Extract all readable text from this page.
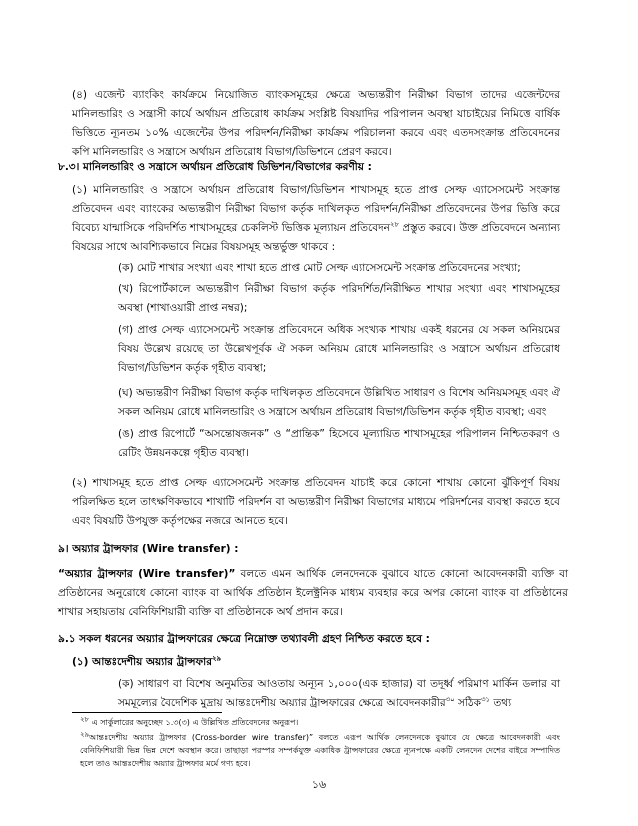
(৪) এজেন্ট ব্যাংকিং কার্যক্রমে নিয়োজিত ব্যাংকসমূহের ক্ষেত্রে অভ্যন্তরীণ নিরীক্ষা বিভাগ তাদের এজেন্টদের মানিলন্ডারিং ও সন্ত্রাসী কার্যে অর্থায়ন প্রতিরোধ কার্যক্রম সংশ্লিষ্ট বিষয়াদির পরিপালন অবস্থা যাচাইয়ের নিমিত্তে বার্ষিক ভিত্তিতে ন্যূনতম ১০% এজেন্টের উপর পরিদর্শন/নিরীক্ষা কার্যক্রম পরিচালনা করবে এবং এতদসংক্রান্ত প্রতিবেদনের কপি মানিলন্ডারিং ও সন্ত্রাসে অর্থায়ন প্রতিরোধ বিভাগ/ডিভিশনে প্রেরণ করবে।

৮.৩। মানিলন্ডারিং ও সন্ত্রাসে অর্থায়ন প্রতিরোধ ডিভিশন/বিভাগের করণীয় :

(১) মানিলন্ডারিং ও সন্ত্রাসে অর্থায়ন প্রতিরোধ বিভাগ/ডিভিশন শাখাসমূহ হতে প্রাপ্ত সেল্ফ এ্যাসেসমেন্ট সংক্রান্ত প্রতিবেদন এবং ব্যাংকের অভ্যন্তরীণ নিরীক্ষা বিভাগ কর্তৃক দাখিলকৃত পরিদর্শন/নিরীক্ষা প্রতিবেদনের উপর ভিত্তি করে বিবেচ্য যান্মাসিকে পরিদর্শিত শাখাসমূহের চেকলিস্ট ভিত্তিক মূল্যায়ন প্রতিবেদন$^{২৮}$ প্রস্তুত করবে। উক্ত প্রতিবেদনে অন্যান্য বিষয়ের সাথে আবশ্যিকভাবে নিম্নের বিষয়সমূহ অন্তর্ভুক্ত থাকবে :

(ক) মোট শাখার সংখ্যা এবং শাখা হতে প্রাপ্ত মোট সেল্ফ এ্যাসেসমেন্ট সংক্রান্ত প্রতিবেদনের সংখ্যা;

(খ) রিপোর্টকালে অভ্যন্তরীণ নিরীক্ষা বিভাগ কর্তৃক পরিদর্শিত/নিরীক্ষিত শাখার সংখ্যা এবং শাখাসমূহের অবস্থা (শাখাওয়ারী প্রাপ্ত নম্বর);

(গ) প্রাপ্ত সেল্ফ এ্যাসেসমেন্ট সংক্রান্ত প্রতিবেদনে অধিক সংখ্যক শাখায় একই ধরনের যে সকল অনিয়মের বিষয় উল্লেখ রয়েছে তা উল্লেখপূর্বক ঐ সকল অনিয়ম রোধে মানিলন্ডারিং ও সন্ত্রাসে অর্থায়ন প্রতিরোধ বিভাগ/ডিভিশন কর্তৃক গৃহীত ব্যবস্থা;

(ঘ) অভ্যন্তরীণ নিরীক্ষা বিভাগ কর্তৃক দাখিলকৃত প্রতিবেদনে উল্লিখিত সাধারণ ও বিশেষ অনিয়মসমূহ এবং ঐ সকল অনিয়ম রোধে মানিলন্ডারিং ও সন্ত্রাসে অর্থায়ন প্রতিরোধ বিভাগ/ডিভিশন কর্তৃক গৃহীত ব্যবস্থা; এবং

(ঙ) প্রাপ্ত রিপোর্টে “অসন্তোষজনক” ও “প্রান্তিক” হিসেবে মূল্যায়িত শাখাসমূহের পরিপালন নিশ্চিতকরণ ও রেটিং উন্নয়নকল্পে গৃহীত ব্যবস্থা।

(২) শাখাসমূহ হতে প্রাপ্ত সেল্ফ এ্যাসেসমেন্ট সংক্রান্ত প্রতিবেদন যাচাই করে কোনো শাখায় কোনো ঝুঁকিপূর্ণ বিষয় পরিলক্ষিত হলে তাৎক্ষণিকভাবে শাখাটি পরিদর্শন বা অভ্যন্তরীণ নিরীক্ষা বিভাগের মাধ্যমে পরিদর্শনের ব্যবস্থা করতে হবে এবং বিষয়টি উপযুক্ত কর্তৃপক্ষের নজরে আনতে হবে।

৯। অয়্যার ট্রান্সফার (Wire transfer) :

“অয়্যার ট্রান্সফার (Wire transfer)” বলতে এমন আর্থিক লেনদেনকে বুঝাবে যাতে কোনো আবেদনকারী ব্যক্তি বা প্রতিষ্ঠানের অনুরোধে কোনো ব্যাংক বা আর্থিক প্রতিষ্ঠান ইলেক্ট্রনিক মাধ্যম ব্যবহার করে অপর কোনো ব্যাংক বা প্রতিষ্ঠানের শাখার সহায়তায় বেনিফিশিয়ারী ব্যক্তি বা প্রতিষ্ঠানকে অর্থ প্রদান করে।

৯.১ সকল ধরনের অয়্যার ট্রান্সফারের ক্ষেত্রে নিম্নোক্ত তথ্যাবলী গ্রহণ নিশ্চিত করতে হবে :

(১) আন্তঃদেশীয় অয়্যার ট্রান্সফার$^{২৯}$

(ক) সাধারণ বা বিশেষ অনুমতির আওতায় অন্যূন ১,০০০(এক হাজার) বা তদূর্ধ্ব পরিমাণ মার্কিন ডলার বা সমমূল্যের বৈদেশিক মুদ্রায় আন্তঃদেশীয় অয়্যার ট্রান্সফারের ক্ষেত্রে আবেদনকারীর$^{৩০}$ সঠিক$^{৩১}$ তথ্য

$^{২৮}$ এ সার্কুলারের অনুচ্ছেদ ১.৩(৩) এ উল্লিখিত প্রতিবেদনের অনুরূপ।

$^{২৯}$আন্তঃদেশীয় অয়্যার ট্রান্সফার (Cross-border wire transfer)” বলতে এরূপ আর্থিক লেনদেনকে বুঝাবে যে ক্ষেত্রে আবেদনকারী এবং বেনিফিশিয়ারী ভিন্ন ভিন্ন দেশে অবস্থান করে। তাছাড়া পরস্পর সম্পর্কযুক্ত একাধিক ট্রান্সফারের ক্ষেত্রে ন্যূনপক্ষে একটি লেনদেন দেশের বাইরে সম্পাদিত হলে তাও আন্তঃদেশীয় অয়্যার ট্রান্সফার মর্মে গণ্য হবে।

১৬
